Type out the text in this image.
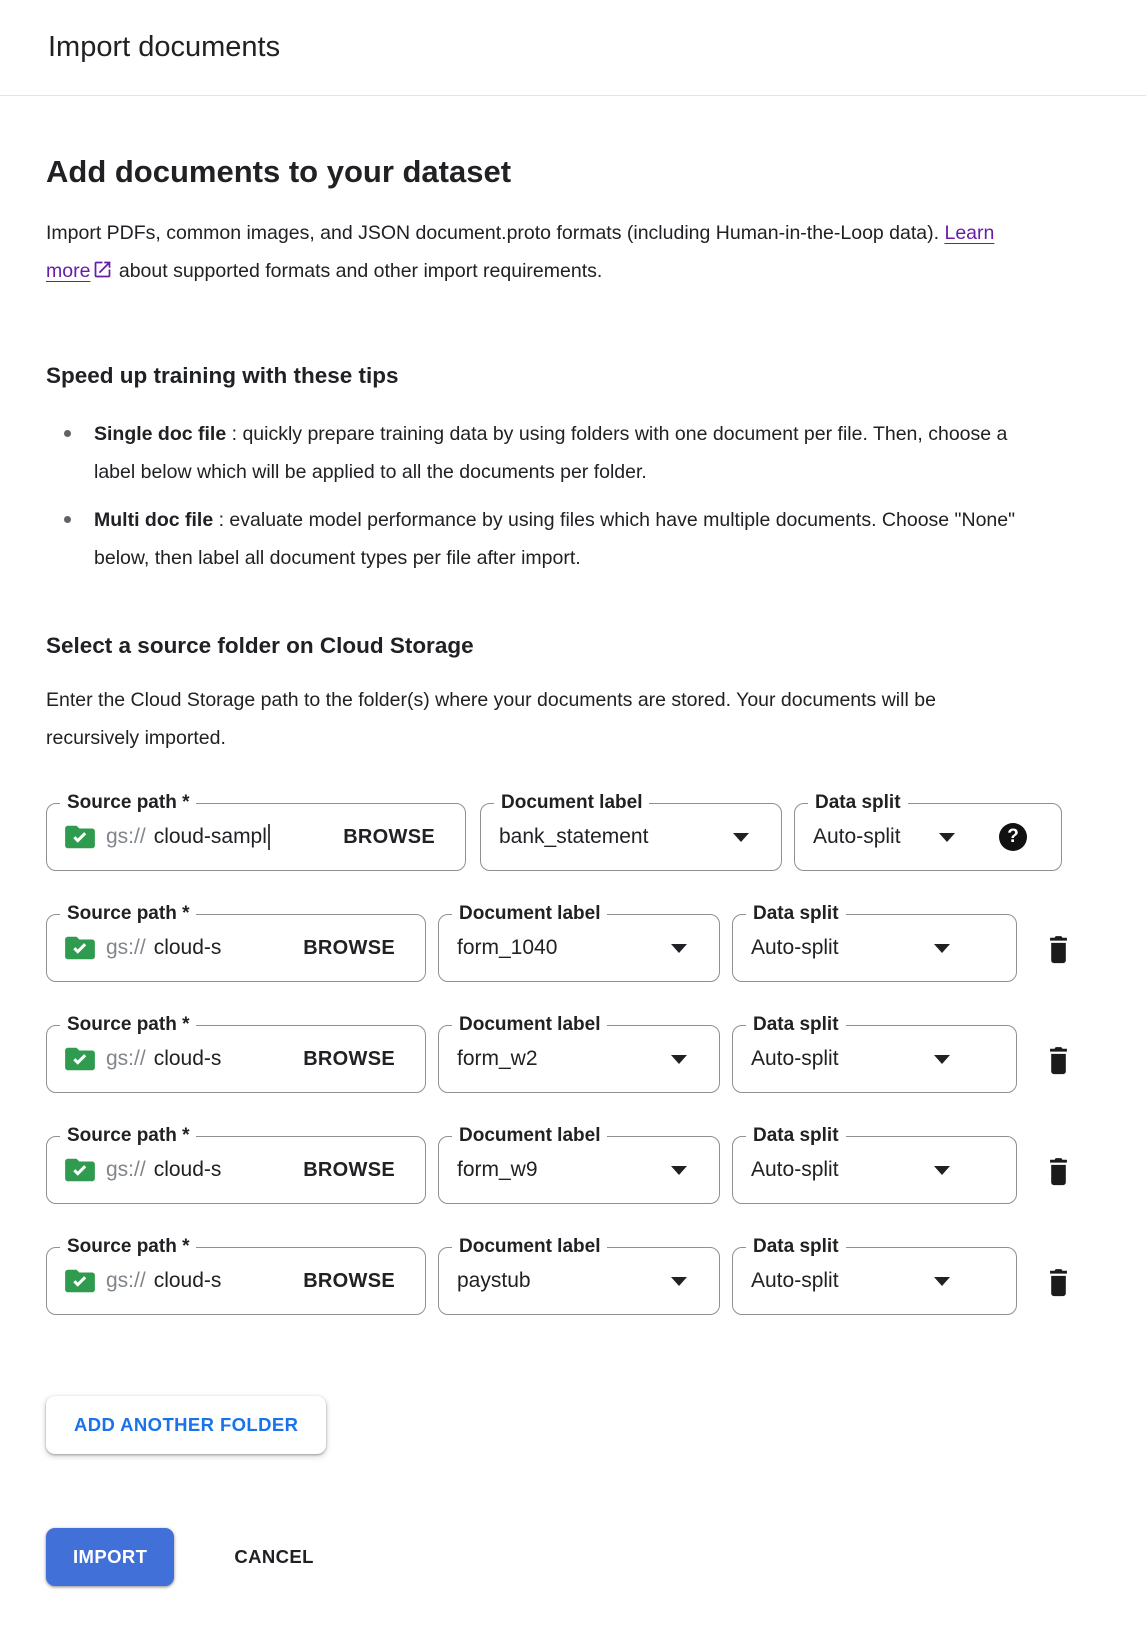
Import documents
Add documents to your dataset

Import PDFs, common images, and JSON document.proto formats (including Human-in-the-Loop data). Learn more about supported formats and other import requirements.

Speed up training with these tips
Single doc file : quickly prepare training data by using folders with one document per file. Then, choose a label below which will be applied to all the documents per folder.
Multi doc file : evaluate model performance by using files which have multiple documents. Choose "None" below, then label all document types per file after import.
Select a source folder on Cloud Storage

Enter the Cloud Storage path to the folder(s) where your documents are stored. Your documents will be recursively imported.

Source path *
gs:// cloud-sampl	BROWSE
Document label
bank_statement
Data split
Auto-split	?
Source path *
gs:// cloud-s	BROWSE
Document label
form_1040
Data split
Auto-split
Source path *
gs:// cloud-s	BROWSE
Document label
form_w2
Data split
Auto-split
Source path *
gs:// cloud-s	BROWSE
Document label
form_w9
Data split
Auto-split
Source path *
gs:// cloud-s	BROWSE
Document label
paystub
Data split
Auto-split
ADD ANOTHER FOLDER
IMPORT	CANCEL
